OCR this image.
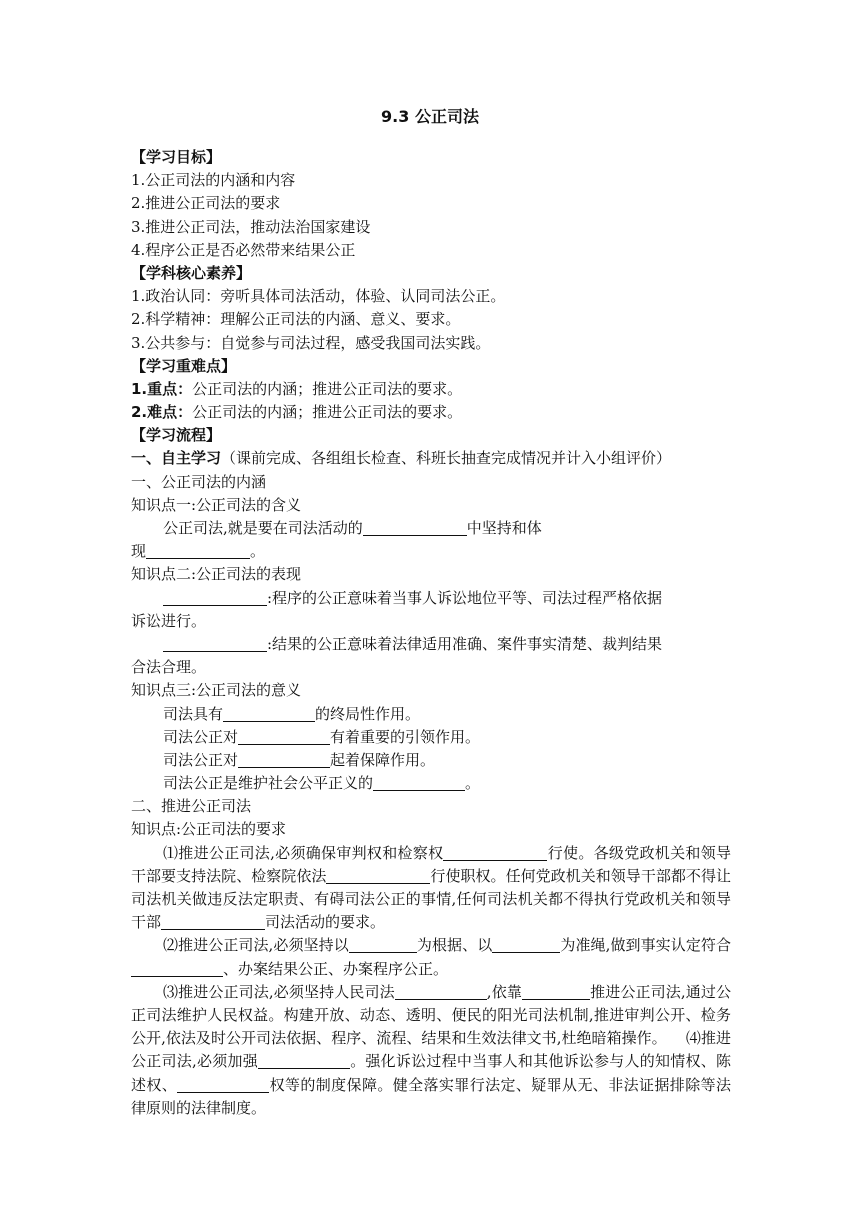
9.3 公正司法
【学习目标】
1.公正司法的内涵和内容
2.推进公正司法的要求
3.推进公正司法，推动法治国家建设
4.程序公正是否必然带来结果公正
【学科核心素养】
1.政治认同：旁听具体司法活动，体验、认同司法公正。
2.科学精神：理解公正司法的内涵、意义、要求。
3.公共参与：自觉参与司法过程，感受我国司法实践。
【学习重难点】
1.重点：公正司法的内涵；推进公正司法的要求。
2.难点：公正司法的内涵；推进公正司法的要求。
【学习流程】
一、自主学习（课前完成、各组组长检查、科班长抽查完成情况并计入小组评价）
一、公正司法的内涵
知识点一:公正司法的含义
公正司法,就是要在司法活动的	中坚持和体
现	。
知识点二:公正司法的表现
:程序的公正意味着当事人诉讼地位平等、司法过程严格依据
诉讼进行。
:结果的公正意味着法律适用准确、案件事实清楚、裁判结果
合法合理。
知识点三:公正司法的意义
司法具有	的终局性作用。
司法公正对	有着重要的引领作用。
司法公正对	起着保障作用。
司法公正是维护社会公平正义的	。
二、推进公正司法
知识点:公正司法的要求
⑴推进公正司法,必须确保审判权和检察权	行使。各级党政机关和领导干部要支持法院、检察院依法	行使职权。任何党政机关和领导干部都不得让司法机关做违反法定职责、有碍司法公正的事情,任何司法机关都不得执行党政机关和领导干部	司法活动的要求。
⑵推进公正司法,必须坚持以	为根据、以	为准绳,做到事实认定符合、办案结果公正、办案程序公正。
⑶推进公正司法,必须坚持人民司法	,依靠	推进公正司法,通过公正司法维护人民权益。构建开放、动态、透明、便民的阳光司法机制,推进审判公开、检务公开,依法及时公开司法依据、程序、流程、结果和生效法律文书,杜绝暗箱操作。 ⑷推进公正司法,必须加强	。强化诉讼过程中当事人和其他诉讼参与人的知情权、陈述权、	权等的制度保障。健全落实罪行法定、疑罪从无、非法证据排除等法律原则的法律制度。
